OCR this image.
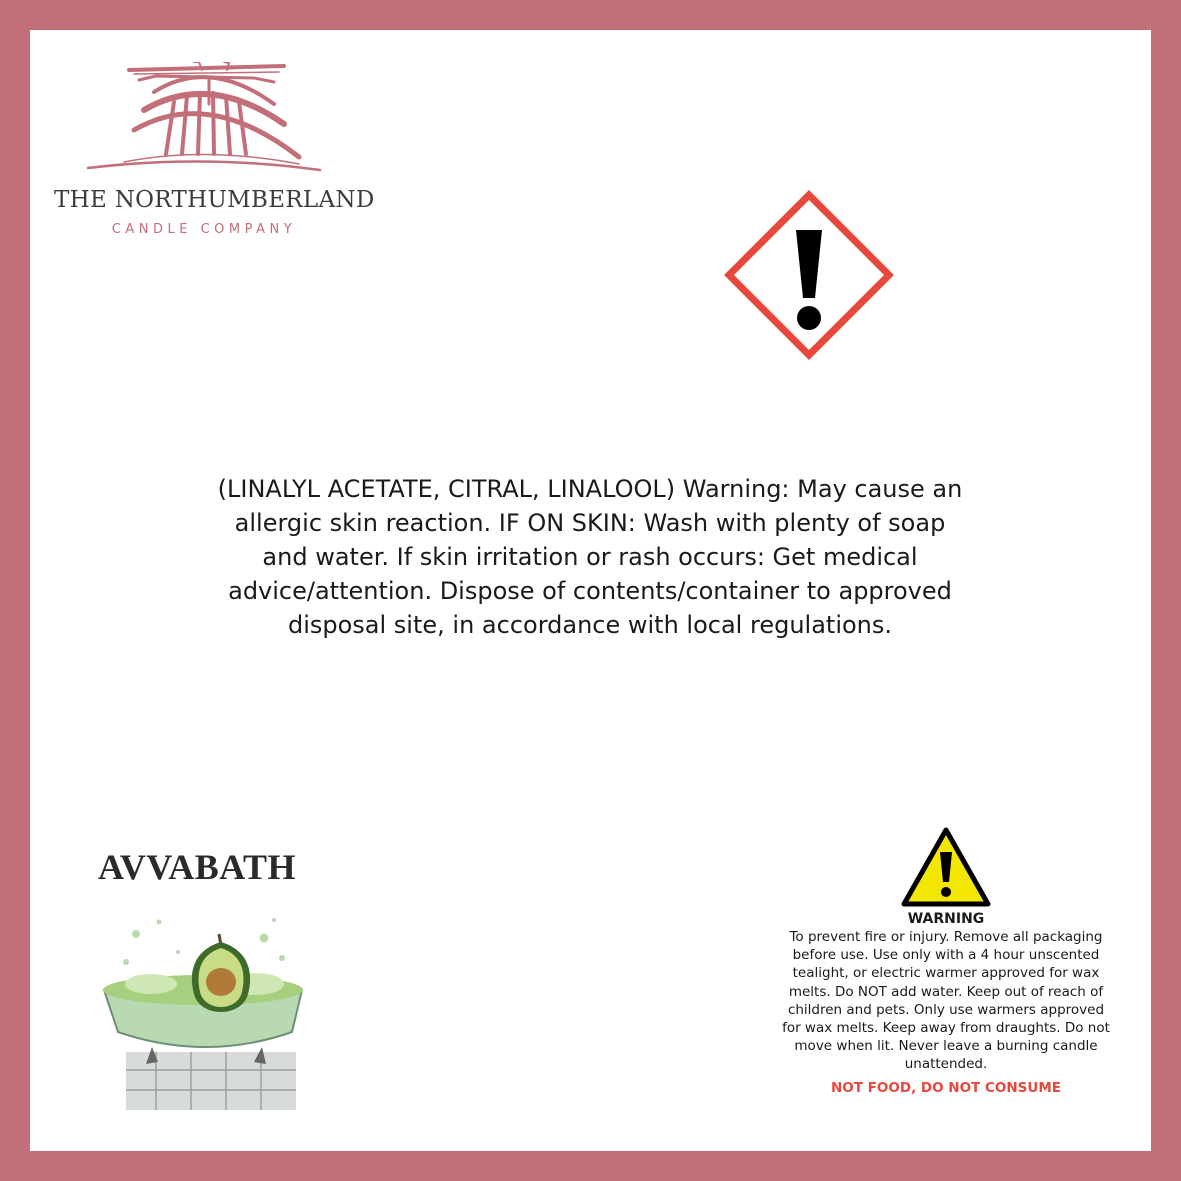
THE NORTHUMBERLAND
CANDLE COMPANY
(LINALYL ACETATE, CITRAL, LINALOOL) Warning: May cause an allergic skin reaction. IF ON SKIN: Wash with plenty of soap and water. If skin irritation or rash occurs: Get medical advice/attention. Dispose of contents/container to approved disposal site, in accordance with local regulations.
AVVABATH
WARNING
To prevent fire or injury. Remove all packaging before use. Use only with a 4 hour unscented tealight, or electric warmer approved for wax melts. Do NOT add water. Keep out of reach of children and pets. Only use warmers approved for wax melts. Keep away from draughts. Do not move when lit. Never leave a burning candle unattended.
NOT FOOD, DO NOT CONSUME
